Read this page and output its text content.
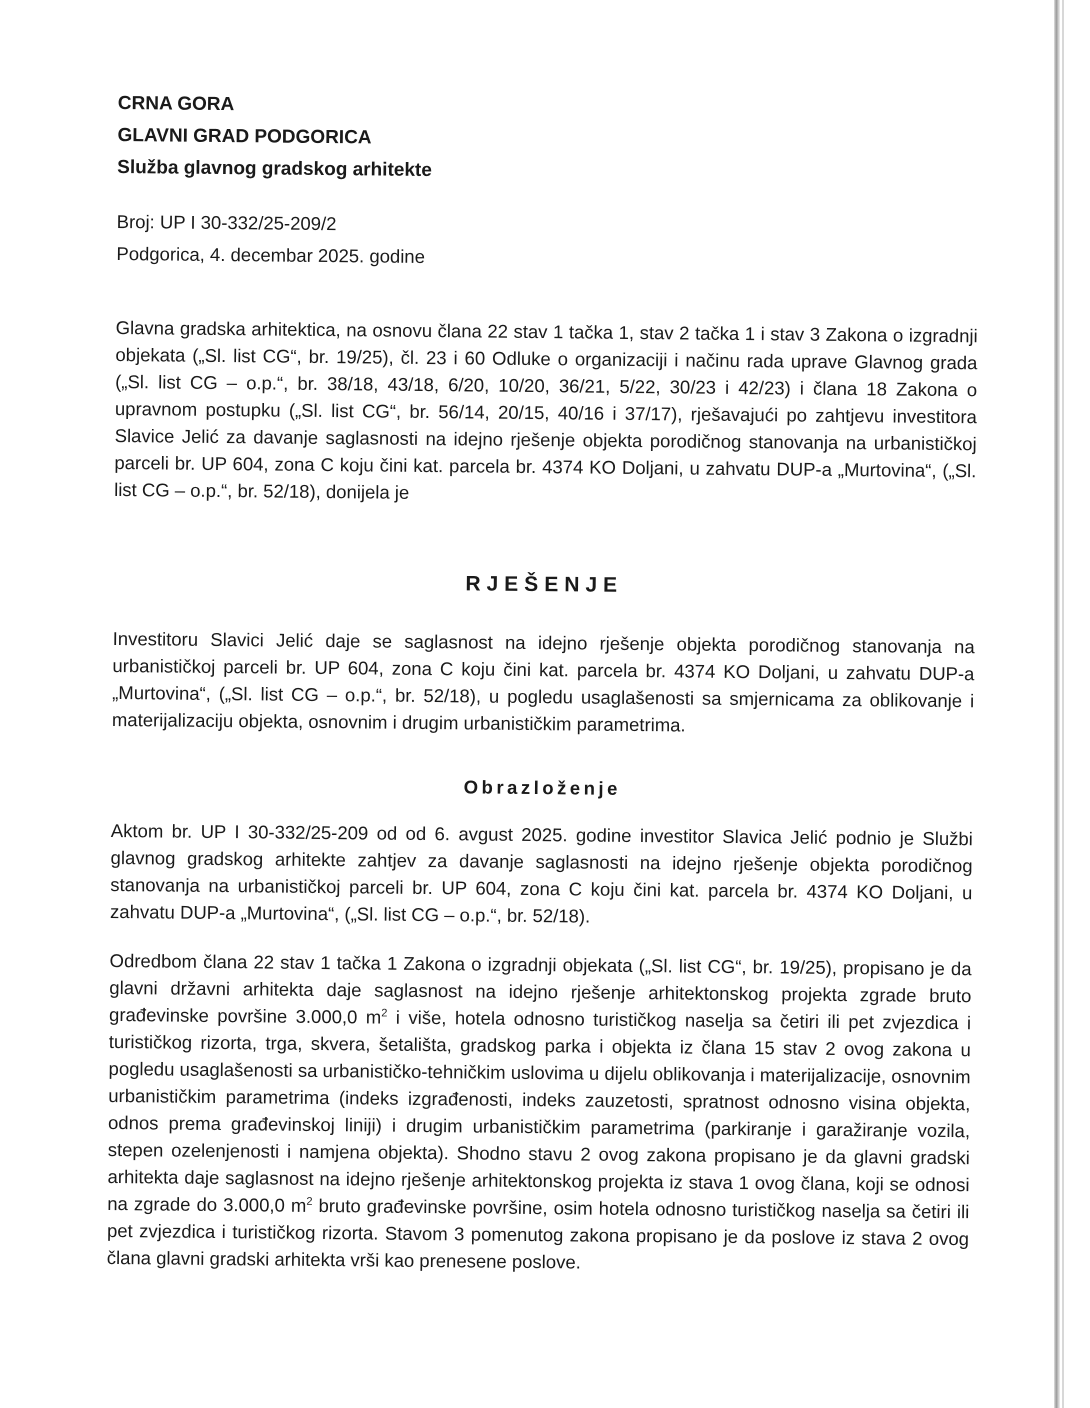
CRNA GORA

GLAVNI GRAD PODGORICA

Služba glavnog gradskog arhitekte

Broj: UP I 30-332/25-209/2
Podgorica, 4. decembar 2025. godine

Glavna gradska arhitektica, na osnovu člana 22 stav 1 tačka 1, stav 2 tačka 1 i stav 3 Zakona o izgradnji objekata („Sl. list CG“, br. 19/25), čl. 23 i 60 Odluke o organizaciji i načinu rada uprave Glavnog grada („Sl. list CG – o.p.“, br. 38/18, 43/18, 6/20, 10/20, 36/21, 5/22, 30/23 i 42/23) i člana 18 Zakona o upravnom postupku („Sl. list CG“, br. 56/14, 20/15, 40/16 i 37/17), rješavajući po zahtjevu investitora Slavice Jelić za davanje saglasnosti na idejno rješenje objekta porodičnog stanovanja na urbanističkoj parceli br. UP 604, zona C koju čini kat. parcela br. 4374 KO Doljani, u zahvatu DUP-a „Murtovina“, („Sl. list CG – o.p.“, br. 52/18), donijela je

RJEŠENJE

Investitoru Slavici Jelić daje se saglasnost na idejno rješenje objekta porodičnog stanovanja na urbanističkoj parceli br. UP 604, zona C koju čini kat. parcela br. 4374 KO Doljani, u zahvatu DUP-a „Murtovina“, („Sl. list CG – o.p.“, br. 52/18), u pogledu usaglašenosti sa smjernicama za oblikovanje i materijalizaciju objekta, osnovnim i drugim urbanističkim parametrima.

Obrazloženje

Aktom br. UP I 30-332/25-209 od od 6. avgust 2025. godine investitor Slavica Jelić podnio je Službi glavnog gradskog arhitekte zahtjev za davanje saglasnosti na idejno rješenje objekta porodičnog stanovanja na urbanističkoj parceli br. UP 604, zona C koju čini kat. parcela br. 4374 KO Doljani, u zahvatu DUP-a „Murtovina“, („Sl. list CG – o.p.“, br. 52/18).

Odredbom člana 22 stav 1 tačka 1 Zakona o izgradnji objekata („Sl. list CG“, br. 19/25), propisano je da glavni državni arhitekta daje saglasnost na idejno rješenje arhitektonskog projekta zgrade bruto građevinske površine 3.000,0 $m^2$ i više, hotela odnosno turističkog naselja sa četiri ili pet zvjezdica i turističkog rizorta, trga, skvera, šetališta, gradskog parka i objekta iz člana 15 stav 2 ovog zakona u pogledu usaglašenosti sa urbanističko-tehničkim uslovima u dijelu oblikovanja i materijalizacije, osnovnim urbanističkim parametrima (indeks izgrađenosti, indeks zauzetosti, spratnost odnosno visina objekta, odnos prema građevinskoj liniji) i drugim urbanističkim parametrima (parkiranje i garažiranje vozila, stepen ozelenjenosti i namjena objekta). Shodno stavu 2 ovog zakona propisano je da glavni gradski arhitekta daje saglasnost na idejno rješenje arhitektonskog projekta iz stava 1 ovog člana, koji se odnosi na zgrade do 3.000,0 $m^2$ bruto građevinske površine, osim hotela odnosno turističkog naselja sa četiri ili pet zvjezdica i turističkog rizorta. Stavom 3 pomenutog zakona propisano je da poslove iz stava 2 ovog člana glavni gradski arhitekta vrši kao prenesene poslove.
